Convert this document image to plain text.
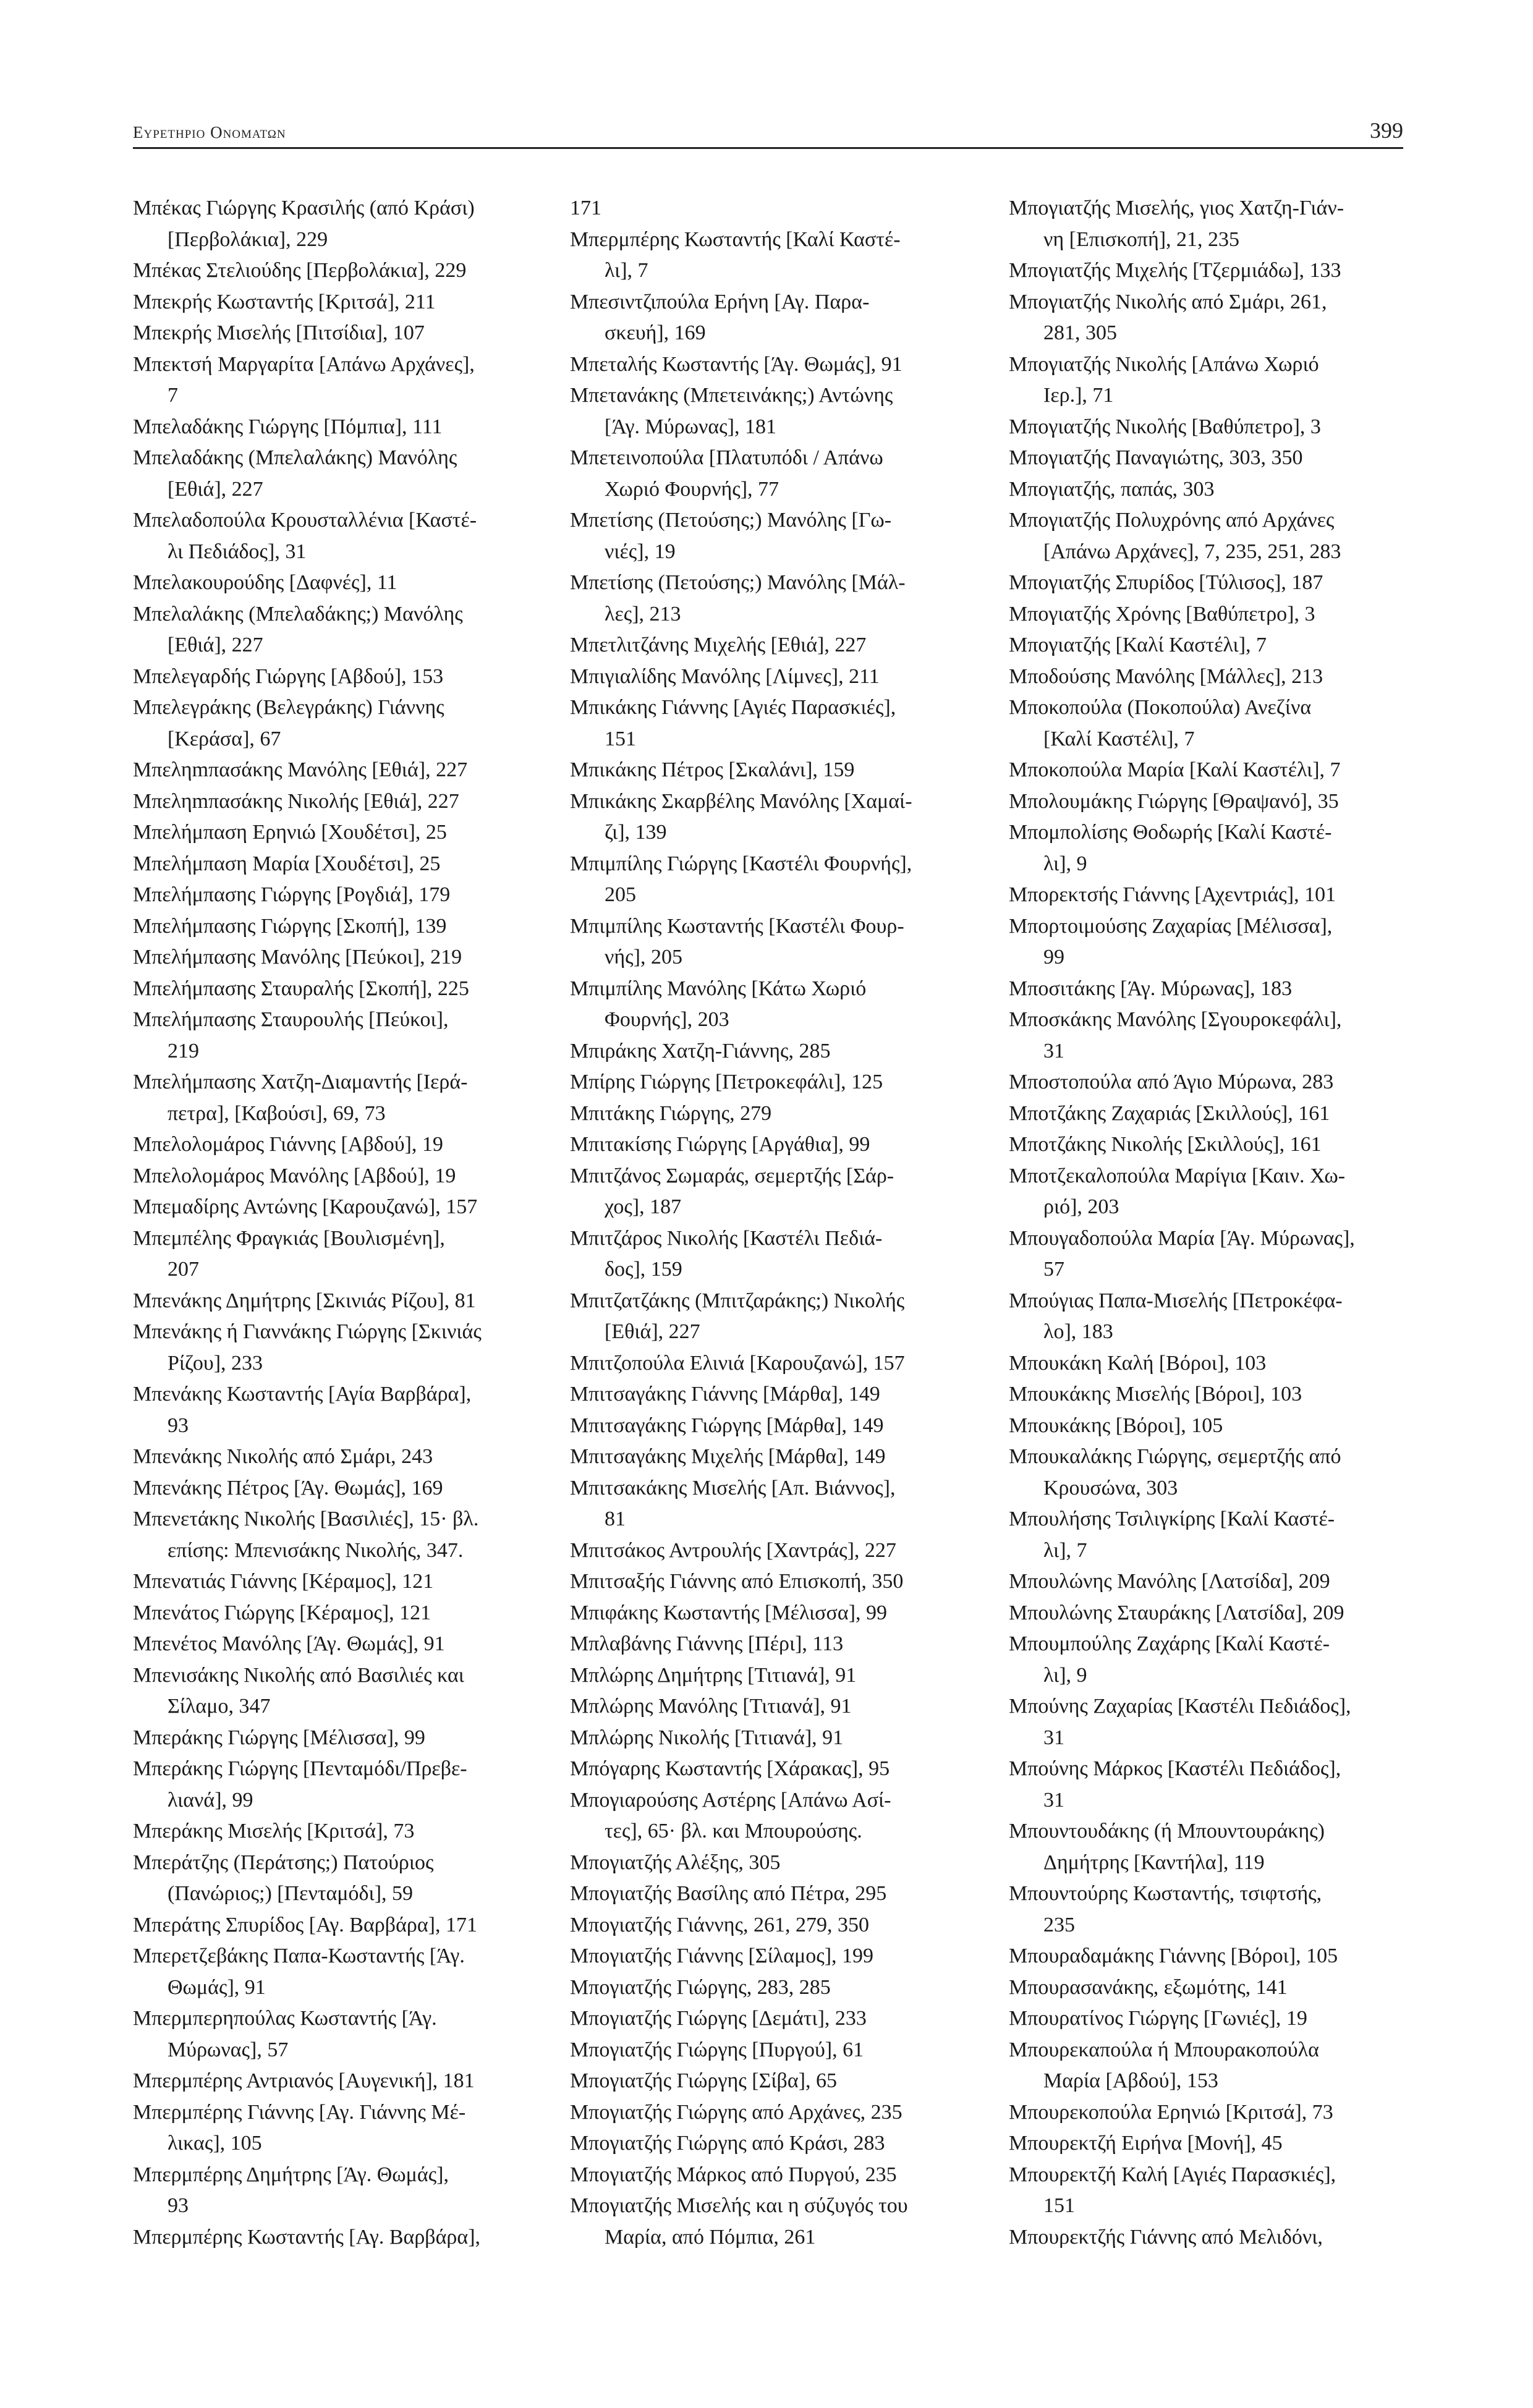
Ευρετηριο Ονοματων	399

Μπέκας Γιώργης Κρασιλής (από Κράσι)
[Περβολάκια], 229

Μπέκας Στελιούδης [Περβολάκια], 229

Μπεκρής Κωσταντής [Κριτσά], 211

Μπεκρής Μισελής [Πιτσίδια], 107

Μπεκτσή Μαργαρίτα [Απάνω Αρχάνες],
7

Μπελαδάκης Γιώργης [Πόμπια], 111

Μπελαδάκης (Μπελαλάκης) Μανόλης
[Εθιά], 227

Μπελαδοπούλα Κρουσταλλένια [Καστέ-
λι Πεδιάδος], 31

Μπελακουρούδης [Δαφνές], 11

Μπελαλάκης (Μπελαδάκης;) Μανόλης
[Εθιά], 227

Μπελεγαρδής Γιώργης [Αβδού], 153

Μπελεγράκης (Βελεγράκης) Γιάννης
[Κεράσα], 67

Μπεληmπασάκης Μανόλης [Εθιά], 227

Μπεληmπασάκης Νικολής [Εθιά], 227

Μπελήμπαση Ερηνιώ [Χουδέτσι], 25

Μπελήμπαση Μαρία [Χουδέτσι], 25

Μπελήμπασης Γιώργης [Ρογδιά], 179

Μπελήμπασης Γιώργης [Σκοπή], 139

Μπελήμπασης Μανόλης [Πεύκοι], 219

Μπελήμπασης Σταυραλής [Σκοπή], 225

Μπελήμπασης Σταυρουλής [Πεύκοι],
219

Μπελήμπασης Χατζη-Διαμαντής [Ιερά-
πετρα], [Καβούσι], 69, 73

Μπελολομάρος Γιάννης [Αβδού], 19

Μπελολομάρος Μανόλης [Αβδού], 19

Μπεμαδίρης Αντώνης [Καρουζανώ], 157

Μπεμπέλης Φραγκιάς [Βουλισμένη],
207

Μπενάκης Δημήτρης [Σκινιάς Ρίζου], 81

Μπενάκης ή Γιαννάκης Γιώργης [Σκινιάς
Ρίζου], 233

Μπενάκης Κωσταντής [Αγία Βαρβάρα],
93

Μπενάκης Νικολής από Σμάρι, 243

Μπενάκης Πέτρος [Άγ. Θωμάς], 169

Μπενετάκης Νικολής [Βασιλιές], 15· βλ.
επίσης: Μπενισάκης Νικολής, 347.

Μπενατιάς Γιάννης [Κέραμος], 121

Μπενάτος Γιώργης [Κέραμος], 121

Μπενέτος Μανόλης [Άγ. Θωμάς], 91

Μπενισάκης Νικολής από Βασιλιές και
Σίλαμο, 347

Μπεράκης Γιώργης [Μέλισσα], 99

Μπεράκης Γιώργης [Πενταμόδι/Πρεβε-
λιανά], 99

Μπεράκης Μισελής [Κριτσά], 73

Μπεράτζης (Περάτσης;) Πατούριος
(Πανώριος;) [Πενταμόδι], 59

Μπεράτης Σπυρίδος [Αγ. Βαρβάρα], 171

Μπερετζεβάκης Παπα-Κωσταντής [Άγ.
Θωμάς], 91

Μπερμπερηπούλας Κωσταντής [Άγ.
Μύρωνας], 57

Μπερμπέρης Αντριανός [Αυγενική], 181

Μπερμπέρης Γιάννης [Αγ. Γιάννης Μέ-
λικας], 105

Μπερμπέρης Δημήτρης [Άγ. Θωμάς],
93

Μπερμπέρης Κωσταντής [Αγ. Βαρβάρα],

171

Μπερμπέρης Κωσταντής [Καλί Καστέ-
λι], 7

Μπεσιντζιπούλα Ερήνη [Αγ. Παρα-
σκευή], 169

Μπεταλής Κωσταντής [Άγ. Θωμάς], 91

Μπετανάκης (Μπετεινάκης;) Αντώνης
[Άγ. Μύρωνας], 181

Μπετεινοπούλα [Πλατυπόδι / Απάνω
Χωριό Φουρνής], 77

Μπετίσης (Πετούσης;) Μανόλης [Γω-
νιές], 19

Μπετίσης (Πετούσης;) Μανόλης [Μάλ-
λες], 213

Μπετλιτζάνης Μιχελής [Εθιά], 227

Μπιγιαλίδης Μανόλης [Λίμνες], 211

Μπικάκης Γιάννης [Αγιές Παρασκιές],
151

Μπικάκης Πέτρος [Σκαλάνι], 159

Μπικάκης Σκαρβέλης Μανόλης [Χαμαί-
ζι], 139

Μπιμπίλης Γιώργης [Καστέλι Φουρνής],
205

Μπιμπίλης Κωσταντής [Καστέλι Φουρ-
νής], 205

Μπιμπίλης Μανόλης [Κάτω Χωριό
Φουρνής], 203

Μπιράκης Χατζη-Γιάννης, 285

Μπίρης Γιώργης [Πετροκεφάλι], 125

Μπιτάκης Γιώργης, 279

Μπιτακίσης Γιώργης [Αργάθια], 99

Μπιτζάνος Σωμαράς, σεμερτζής [Σάρ-
χος], 187

Μπιτζάρος Νικολής [Καστέλι Πεδιά-
δος], 159

Μπιτζατζάκης (Μπιτζαράκης;) Νικολής
[Εθιά], 227

Μπιτζοπούλα Ελινιά [Καρουζανώ], 157

Μπιτσαγάκης Γιάννης [Μάρθα], 149

Μπιτσαγάκης Γιώργης [Μάρθα], 149

Μπιτσαγάκης Μιχελής [Μάρθα], 149

Μπιτσακάκης Μισελής [Απ. Βιάννος],
81

Μπιτσάκος Αντρουλής [Χαντράς], 227

Μπιτσαξής Γιάννης από Επισκοπή, 350

Μπιφάκης Κωσταντής [Μέλισσα], 99

Μπλαβάνης Γιάννης [Πέρι], 113

Μπλώρης Δημήτρης [Τιτιανά], 91

Μπλώρης Μανόλης [Τιτιανά], 91

Μπλώρης Νικολής [Τιτιανά], 91

Μπόγαρης Κωσταντής [Χάρακας], 95

Μπογιαρούσης Αστέρης [Απάνω Ασί-
τες], 65· βλ. και Μπουρούσης.

Μπογιατζής Αλέξης, 305

Μπογιατζής Βασίλης από Πέτρα, 295

Μπογιατζής Γιάννης, 261, 279, 350

Μπογιατζής Γιάννης [Σίλαμος], 199

Μπογιατζής Γιώργης, 283, 285

Μπογιατζής Γιώργης [Δεμάτι], 233

Μπογιατζής Γιώργης [Πυργού], 61

Μπογιατζής Γιώργης [Σίβα], 65

Μπογιατζής Γιώργης από Αρχάνες, 235

Μπογιατζής Γιώργης από Κράσι, 283

Μπογιατζής Μάρκος από Πυργού, 235

Μπογιατζής Μισελής και η σύζυγός του
Μαρία, από Πόμπια, 261

Μπογιατζής Μισελής, γιος Χατζη-Γιάν-
νη [Επισκοπή], 21, 235

Μπογιατζής Μιχελής [Τζερμιάδω], 133

Μπογιατζής Νικολής από Σμάρι, 261,
281, 305

Μπογιατζής Νικολής [Απάνω Χωριό
Ιερ.], 71

Μπογιατζής Νικολής [Βαθύπετρο], 3

Μπογιατζής Παναγιώτης, 303, 350

Μπογιατζής, παπάς, 303

Μπογιατζής Πολυχρόνης από Αρχάνες
[Απάνω Αρχάνες], 7, 235, 251, 283

Μπογιατζής Σπυρίδος [Τύλισος], 187

Μπογιατζής Χρόνης [Βαθύπετρο], 3

Μπογιατζής [Καλί Καστέλι], 7

Μποδούσης Μανόλης [Μάλλες], 213

Μποκοπούλα (Ποκοπούλα) Ανεζίνα
[Καλί Καστέλι], 7

Μποκοπούλα Μαρία [Καλί Καστέλι], 7

Μπολουμάκης Γιώργης [Θραψανό], 35

Μπομπολίσης Θοδωρής [Καλί Καστέ-
λι], 9

Μπορεκτσής Γιάννης [Αχεντριάς], 101

Μπορτοιμούσης Ζαχαρίας [Μέλισσα],
99

Μποσιτάκης [Άγ. Μύρωνας], 183

Μποσκάκης Μανόλης [Σγουροκεφάλι],
31

Μποστοπούλα από Άγιο Μύρωνα, 283

Μποτζάκης Ζαχαριάς [Σκιλλούς], 161

Μποτζάκης Νικολής [Σκιλλούς], 161

Μποτζεκαλοπούλα Μαρίγια [Καιν. Χω-
ριό], 203

Μπουγαδοπούλα Μαρία [Άγ. Μύρωνας],
57

Μπούγιας Παπα-Μισελής [Πετροκέφα-
λο], 183

Μπουκάκη Καλή [Βόροι], 103

Μπουκάκης Μισελής [Βόροι], 103

Μπουκάκης [Βόροι], 105

Μπουκαλάκης Γιώργης, σεμερτζής από
Κρουσώνα, 303

Μπουλήσης Τσιλιγκίρης [Καλί Καστέ-
λι], 7

Μπουλώνης Μανόλης [Λατσίδα], 209

Μπουλώνης Σταυράκης [Λατσίδα], 209

Μπουμπούλης Ζαχάρης [Καλί Καστέ-
λι], 9

Μπούνης Ζαχαρίας [Καστέλι Πεδιάδος],
31

Μπούνης Μάρκος [Καστέλι Πεδιάδος],
31

Μπουντουδάκης (ή Μπουντουράκης)
Δημήτρης [Καντήλα], 119

Μπουντούρης Κωσταντής, τσιφτσής,
235

Μπουραδαμάκης Γιάννης [Βόροι], 105

Μπουρασανάκης, εξωμότης, 141

Μπουρατίνος Γιώργης [Γωνιές], 19

Μπουρεκαπούλα ή Μπουρακοπούλα
Μαρία [Αβδού], 153

Μπουρεκοπούλα Ερηνιώ [Κριτσά], 73

Μπουρεκτζή Ειρήνα [Μονή], 45

Μπουρεκτζή Καλή [Αγιές Παρασκιές],
151

Μπουρεκτζής Γιάννης από Μελιδόνι,
